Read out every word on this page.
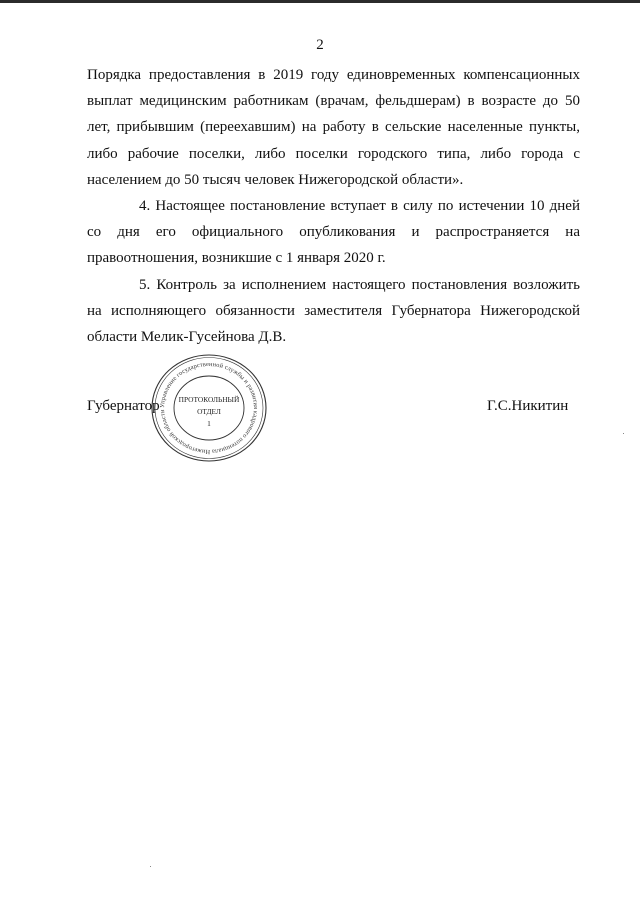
2

Порядка предоставления в 2019 году единовременных компенсационных выплат медицинским работникам (врачам, фельдшерам) в возрасте до 50 лет, прибывшим (переехавшим) на работу в сельские населенные пункты, либо рабочие поселки, либо поселки городского типа, либо города с населением до 50 тысяч человек Нижегородской области».

4. Настоящее постановление вступает в силу по истечении 10 дней со дня его официального опубликования и распространяется на правоотношения, возникшие с 1 января 2020 г.

5. Контроль за исполнением настоящего постановления возложить на исполняющего обязанности заместителя Губернатора Нижегородской области Мелик-Гусейнова Д.В.

Губернатор	Г.С.Никитин
Управление государственной службы и развития кадрового потенциала Нижегородской области
ПРОТОКОЛЬНЫЙ
ОТДЕЛ
1
